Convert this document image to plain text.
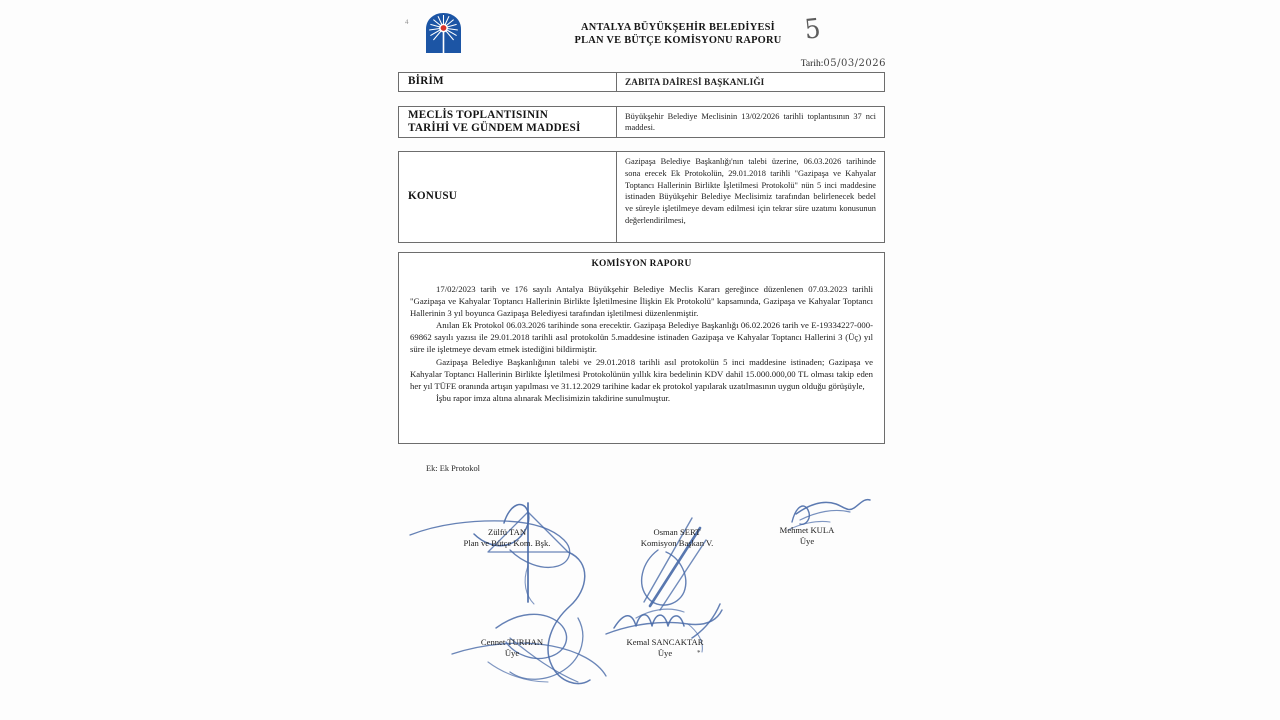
4
ANTALYA BÜYÜKŞEHİR BELEDİYESİ
PLAN VE BÜTÇE KOMİSYONU RAPORU 5
Tarih:05/03/2026
BİRİM	ZABITA DAİRESİ BAŞKANLIĞI
MECLİS TOPLANTISININ
TARİHİ VE GÜNDEM MADDESİ
Büyükşehir Belediye Meclisinin 13/02/2026 tarihli toplantısının 37 nci maddesi.
KONUSU
Gazipaşa Belediye Başkanlığı'nın talebi üzerine, 06.03.2026 tarihinde sona erecek Ek Protokolün, 29.01.2018 tarihli "Gazipaşa ve Kahyalar Toptancı Hallerinin Birlikte İşletilmesi Protokolü" nün 5 inci maddesine istinaden Büyükşehir Belediye Meclisimiz tarafından belirlenecek bedel ve süreyle işletilmeye devam edilmesi için tekrar süre uzatımı konusunun değerlendirilmesi,
KOMİSYON RAPORU

17/02/2023 tarih ve 176 sayılı Antalya Büyükşehir Belediye Meclis Kararı gereğince düzenlenen 07.03.2023 tarihli "Gazipaşa ve Kahyalar Toptancı Hallerinin Birlikte İşletilmesine İlişkin Ek Protokolü" kapsamında, Gazipaşa ve Kahyalar Toptancı Hallerinin 3 yıl boyunca Gazipaşa Belediyesi tarafından işletilmesi düzenlenmiştir.

Anılan Ek Protokol 06.03.2026 tarihinde sona erecektir. Gazipaşa Belediye Başkanlığı 06.02.2026 tarih ve E-19334227-000-69862 sayılı yazısı ile 29.01.2018 tarihli asıl protokolün 5.maddesine istinaden Gazipaşa ve Kahyalar Toptancı Hallerini 3 (Üç) yıl süre ile işletmeye devam etmek istediğini bildirmiştir.

Gazipaşa Belediye Başkanlığının talebi ve 29.01.2018 tarihli asıl protokolün 5 inci maddesine istinaden; Gazipaşa ve Kahyalar Toptancı Hallerinin Birlikte İşletilmesi Protokolünün yıllık kira bedelinin KDV dahil 15.000.000,00 TL olması takip eden her yıl TÜFE oranında artışın yapılması ve 31.12.2029 tarihine kadar ek protokol yapılarak uzatılmasının uygun olduğu görüşüyle,

İşbu rapor imza altına alınarak Meclisimizin takdirine sunulmuştur.

Ek: Ek Protokol
Zülfü TAN
Plan ve Bütçe Kom. Bşk.
Osman SERT
Komisyon Başkan V.
Mehmet KULA
Üye
Cennet TURHAN
Üye
Kemal SANCAKTAR
Üye	*
